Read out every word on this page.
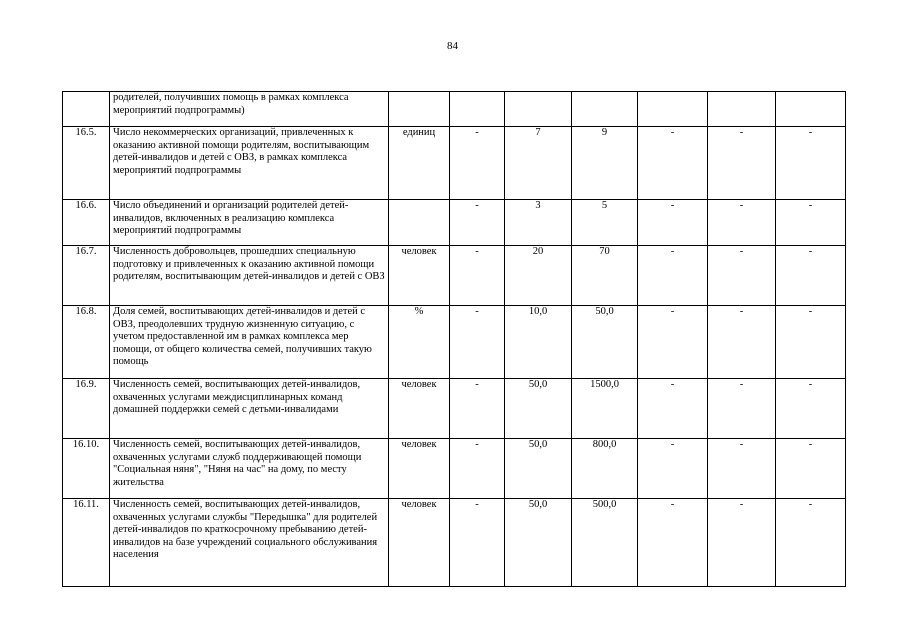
84
	родителей, получивших помощь в рамках комплекса мероприятий подпрограммы)							
16.5.	Число некоммерческих организаций, привлеченных к оказанию активной помощи родителям, воспитывающим детей-инвалидов и детей с ОВЗ, в рамках комплекса мероприятий подпрограммы	единиц	-	7	9	-	-	-
16.6.	Число объединений и организаций родителей детей-инвалидов, включенных в реализацию комплекса мероприятий подпрограммы		-	3	5	-	-	-
16.7.	Численность добровольцев, прошедших специальную подготовку и привлеченных к оказанию активной помощи родителям, воспитывающим детей-инвалидов и детей с ОВЗ	человек	-	20	70	-	-	-
16.8.	Доля семей, воспитывающих детей-инвалидов и детей с ОВЗ, преодолевших трудную жизненную ситуацию, с учетом предоставленной им в рамках комплекса мер помощи, от общего количества семей, получивших такую помощь	%	-	10,0	50,0	-	-	-
16.9.	Численность семей, воспитывающих детей-инвалидов, охваченных услугами междисциплинарных команд домашней поддержки семей с детьми-инвалидами	человек	-	50,0	1500,0	-	-	-
16.10.	Численность семей, воспитывающих детей-инвалидов, охваченных услугами служб поддерживающей помощи "Социальная няня", "Няня на час" на дому, по месту жительства	человек	-	50,0	800,0	-	-	-
16.11.	Численность семей, воспитывающих детей-инвалидов, охваченных услугами службы "Передышка" для родителей детей-инвалидов по краткосрочному пребыванию детей-инвалидов на базе учреждений социального обслуживания населения	человек	-	50,0	500,0	-	-	-
